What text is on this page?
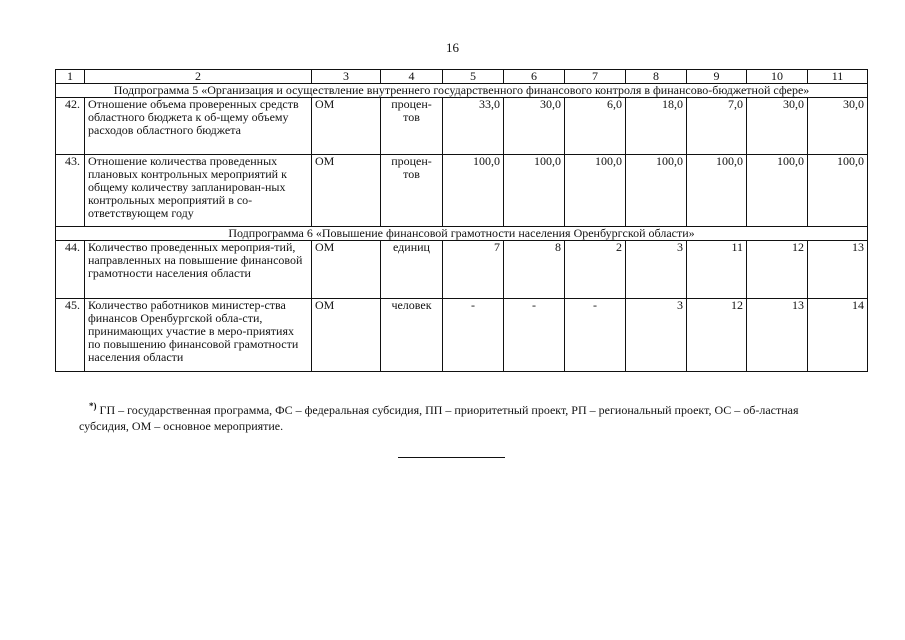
16
1	2	3	4	5	6	7	8	9	10	11
Подпрограмма 5 «Организация и осуществление внутреннего государственного финансового контроля в финансово-бюджетной сфере»										
42.	Отношение объема проверенных средств областного бюджета к об-щему объему расходов областного бюджета	ОМ	процен-тов	33,0	30,0	6,0	18,0	7,0	30,0	30,0
43.	Отношение количества проведенных плановых контрольных мероприятий к общему количеству запланирован-ных контрольных мероприятий в со-ответствующем году	ОМ	процен-тов	100,0	100,0	100,0	100,0	100,0	100,0	100,0
Подпрограмма 6 «Повышение финансовой грамотности населения Оренбургской области»										
44.	Количество проведенных мероприя-тий, направленных на повышение финансовой грамотности населения области	ОМ	единиц	7	8	2	3	11	12	13
45.	Количество работников министер-ства финансов Оренбургской обла-сти, принимающих участие в меро-приятиях по повышению финансовой грамотности населения области	ОМ	человек	-	-	-	3	12	13	14
*) ГП – государственная программа, ФС – федеральная субсидия, ПП – приоритетный проект, РП – региональный проект, ОС – об-ластная субсидия, ОМ – основное мероприятие.
